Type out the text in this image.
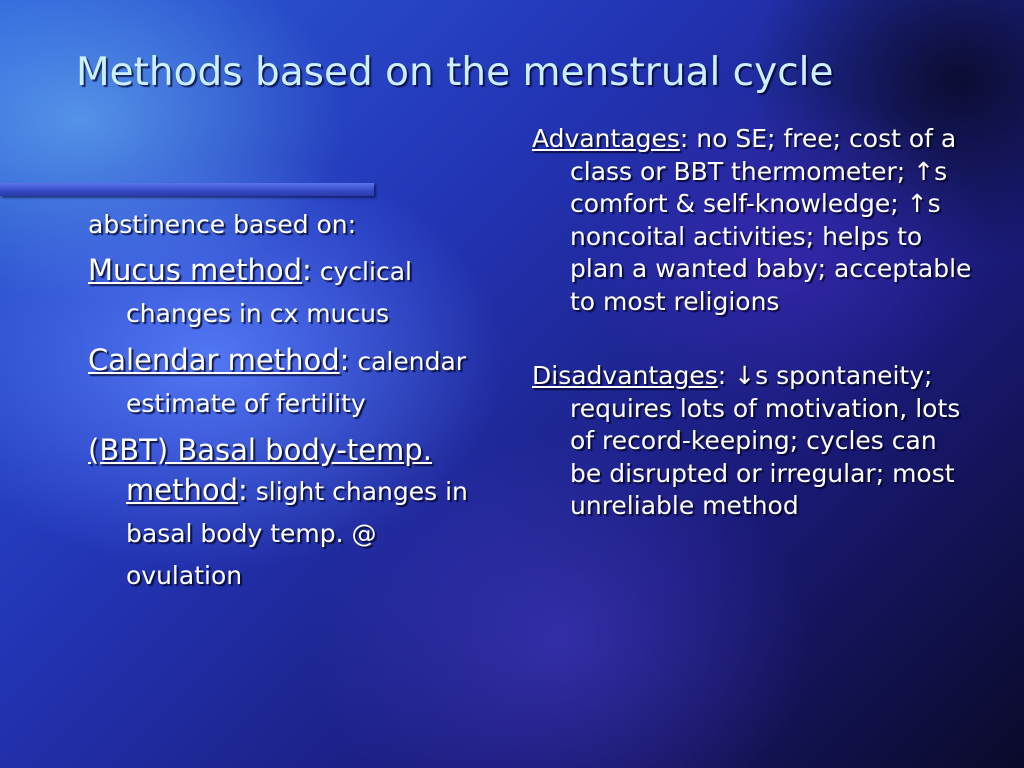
Methods based on the menstrual cycle

abstinence based on:

Mucus method: cyclical changes in cx mucus

Calendar method: calendar estimate of fertility

(BBT) Basal body-temp. method: slight changes in basal body temp. @ ovulation

Advantages: no SE; free; cost of a class or BBT thermometer; ↑s comfort & self-knowledge; ↑s noncoital activities; helps to plan a wanted baby; acceptable to most religions

Disadvantages: ↓s spontaneity; requires lots of motivation, lots of record-keeping; cycles can be disrupted or irregular; most unreliable method
